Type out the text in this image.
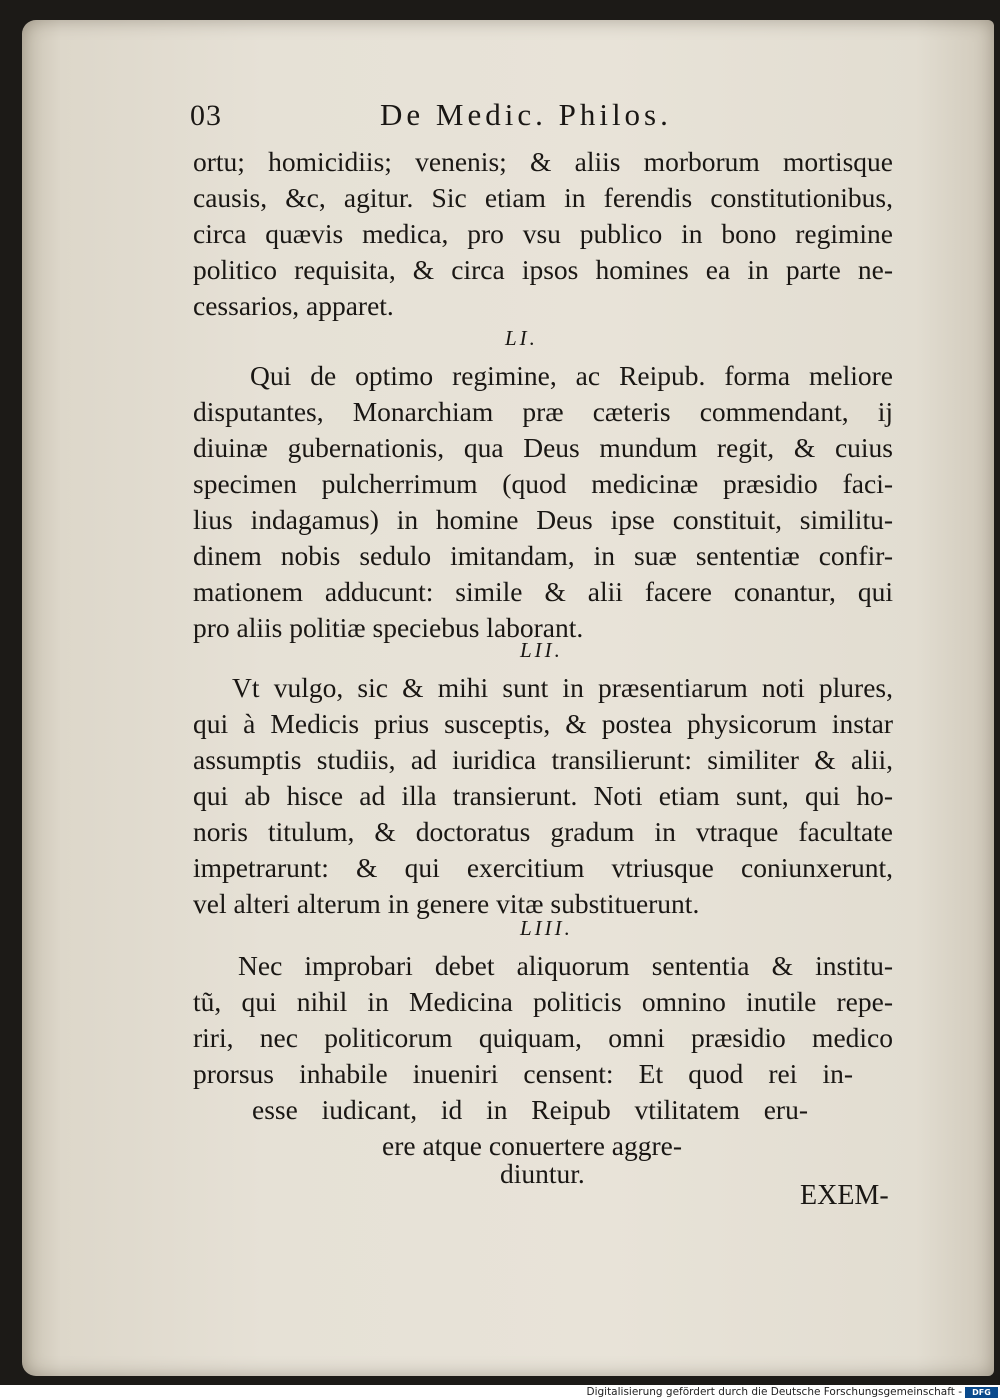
03	De Medic. Philos.
ortu; homicidiis; venenis; & aliis morborum mortisque
causis, &c, agitur. Sic etiam in ferendis constitutionibus,
circa quævis medica, pro vsu publico in bono regimine
politico requisita, & circa ipsos homines ea in parte ne-
cessarios, apparet.
LI.
Qui de optimo regimine, ac Reipub. forma meliore
disputantes, Monarchiam præ cæteris commendant, ij
diuinæ gubernationis, qua Deus mundum regit, & cuius
specimen pulcherrimum (quod medicinæ præsidio faci-
lius indagamus) in homine Deus ipse constituit, similitu-
dinem nobis sedulo imitandam, in suæ sententiæ confir-
mationem adducunt: simile & alii facere conantur, qui
pro aliis politiæ speciebus laborant.
LII.
Vt vulgo, sic & mihi sunt in præsentiarum noti plures,
qui à Medicis prius susceptis, & postea physicorum instar
assumptis studiis, ad iuridica transilierunt: similiter & alii,
qui ab hisce ad illa transierunt. Noti etiam sunt, qui ho-
noris titulum, & doctoratus gradum in vtraque facultate
impetrarunt: & qui exercitium vtriusque coniunxerunt,
vel alteri alterum in genere vitæ substituerunt.
LIII.
Nec improbari debet aliquorum sententia & institu-
tũ, qui nihil in Medicina politicis omnino inutile repe-
riri, nec politicorum quiquam, omni præsidio medico
prorsus inhabile inueniri censent: Et quod rei in-
esse iudicant, id in Reipub vtilitatem eru-
ere atque conuertere aggre-
diuntur.
EXEM-
Digitalisierung gefördert durch die Deutsche Forschungsgemeinschaft -	DFG
